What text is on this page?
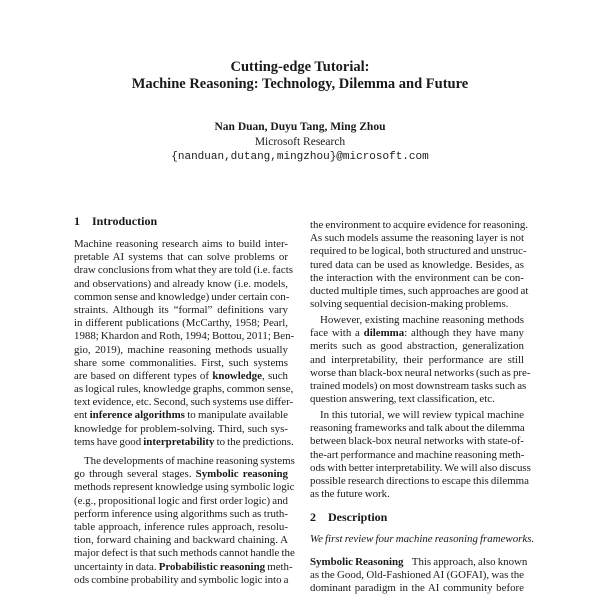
Cutting-edge Tutorial:
Machine Reasoning: Technology, Dilemma and Future
Nan Duan, Duyu Tang, Ming Zhou
Microsoft Research
{nanduan,dutang,mingzhou}@microsoft.com
1 Introduction
Machine reasoning research aims to build inter-
pretable AI systems that can solve problems or
draw conclusions from what they are told (i.e. facts
and observations) and already know (i.e. models,
common sense and knowledge) under certain con-
straints. Although its “formal” definitions vary
in different publications (McCarthy, 1958; Pearl,
1988; Khardon and Roth, 1994; Bottou, 2011; Ben-
gio, 2019), machine reasoning methods usually
share some commonalities. First, such systems
are based on different types of knowledge, such
as logical rules, knowledge graphs, common sense,
text evidence, etc. Second, such systems use differ-
ent inference algorithms to manipulate available
knowledge for problem-solving. Third, such sys-
tems have good interpretability to the predictions.
The developments of machine reasoning systems
go through several stages. Symbolic reasoning
methods represent knowledge using symbolic logic
(e.g., propositional logic and first order logic) and
perform inference using algorithms such as truth-
table approach, inference rules approach, resolu-
tion, forward chaining and backward chaining. A
major defect is that such methods cannot handle the
uncertainty in data. Probabilistic reasoning meth-
ods combine probability and symbolic logic into a
the environment to acquire evidence for reasoning.
As such models assume the reasoning layer is not
required to be logical, both structured and unstruc-
tured data can be used as knowledge. Besides, as
the interaction with the environment can be con-
ducted multiple times, such approaches are good at
solving sequential decision-making problems.
However, existing machine reasoning methods
face with a dilemma: although they have many
merits such as good abstraction, generalization
and interpretability, their performance are still
worse than black-box neural networks (such as pre-
trained models) on most downstream tasks such as
question answering, text classification, etc.
In this tutorial, we will review typical machine
reasoning frameworks and talk about the dilemma
between black-box neural networks with state-of-
the-art performance and machine reasoning meth-
ods with better interpretability. We will also discuss
possible research directions to escape this dilemma
as the future work.
2 Description
We first review four machine reasoning frameworks.
Symbolic Reasoning    This approach, also known
as the Good, Old-Fashioned AI (GOFAI), was the
dominant paradigm in the AI community before
